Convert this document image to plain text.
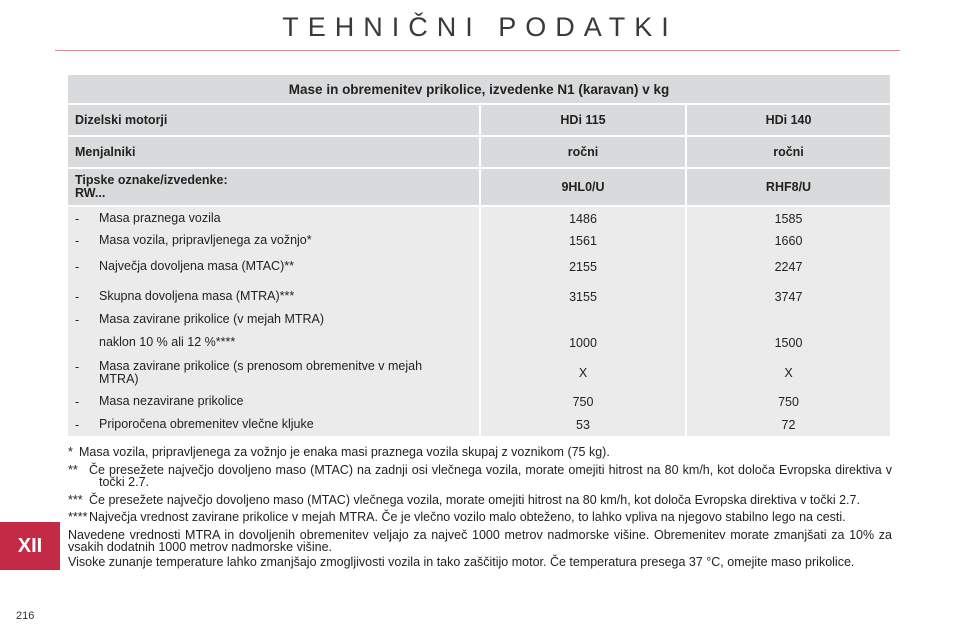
TEHNIČNI PODATKI
Mase in obremenitev prikolice, izvedenke N1 (karavan) v kg		
Dizelski motorji	HDi 115	HDi 140
Menjalniki	ročni	ročni
Tipske oznake/izvedenke:
RW...	9HL0/U	RHF8/U
- Masa praznega vozila	1486	1585
- Masa vozila, pripravljenega za vožnjo*	1561	1660
- Največja dovoljena masa (MTAC)**	2155	2247
- Skupna dovoljena masa (MTRA)***	3155	3747
- Masa zavirane prikolice (v mejah MTRA)		
naklon 10 % ali 12 %****	1000	1500
- Masa zavirane prikolice (s prenosom obremenitve v mejah MTRA)	X	X
- Masa nezavirane prikolice	750	750
- Priporočena obremenitev vlečne kljuke	53	72
* Masa vozila, pripravljenega za vožnjo je enaka masi praznega vozila skupaj z voznikom (75 kg).
** Če presežete največjo dovoljeno maso (MTAC) na zadnji osi vlečnega vozila, morate omejiti hitrost na 80 km/h, kot določa Evropska direktiva v točki 2.7.
*** Če presežete največjo dovoljeno maso (MTAC) vlečnega vozila, morate omejiti hitrost na 80 km/h, kot določa Evropska direktiva v točki 2.7.
**** Največja vrednost zavirane prikolice v mejah MTRA. Če je vlečno vozilo malo obteženo, to lahko vpliva na njegovo stabilno lego na cesti.
Navedene vrednosti MTRA in dovoljenih obremenitev veljajo za največ 1000 metrov nadmorske višine. Obremenitev morate zmanjšati za 10% za vsakih dodatnih 1000 metrov nadmorske višine.
Visoke zunanje temperature lahko zmanjšajo zmogljivosti vozila in tako zaščitijo motor. Če temperatura presega 37 °C, omejite maso prikolice.
XII
216
